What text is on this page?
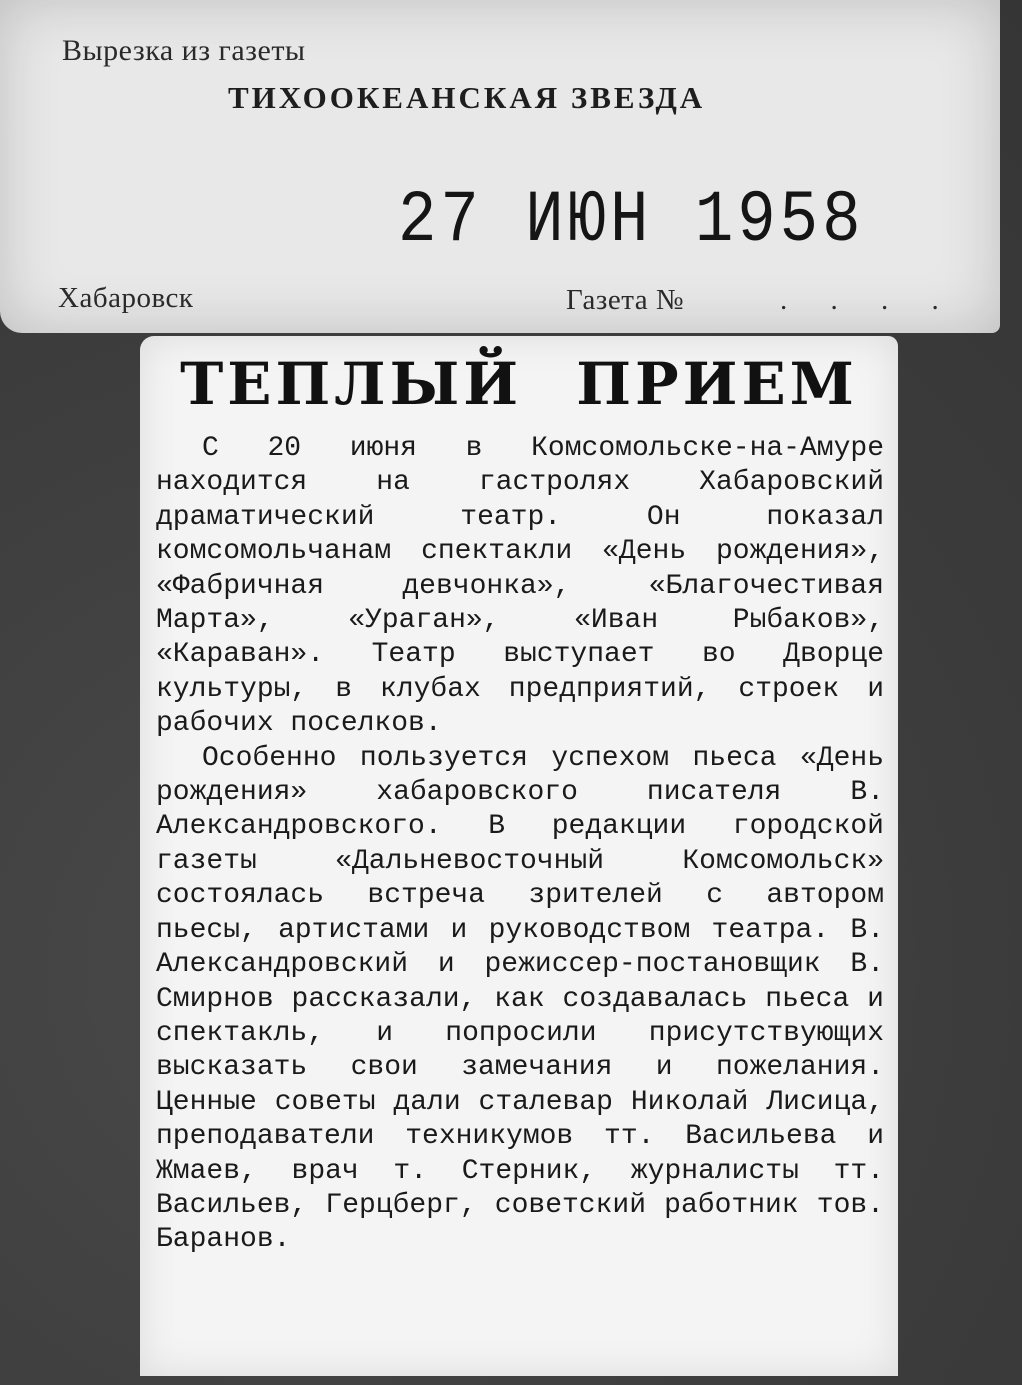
Вырезка из газеты
ТИХООКЕАНСКАЯ ЗВЕЗДА
27 ИЮН 1958
Хабаровск	Газета №	. . . .
ТЕПЛЫЙ ПРИЕМ

С 20 июня в Комсомольске-на-Амуре находится на гастролях Хабаровский драматический театр. Он показал комсомольчанам спектакли «День рождения», «Фабричная девчонка», «Благочестивая Марта», «Ураган», «Иван Рыбаков», «Караван». Театр выступает во Дворце культуры, в клубах предприятий, строек и рабочих поселков.

Особенно пользуется успехом пьеса «День рождения» хабаровского писателя В. Александровского. В редакции городской газеты «Дальневосточный Комсомольск» состоялась встреча зрителей с автором пьесы, артистами и руководством театра. В. Александровский и режиссер-постановщик В. Смирнов рассказали, как создавалась пьеса и спектакль, и попросили присутствующих высказать свои замечания и пожелания. Ценные советы дали сталевар Николай Лисица, преподаватели техникумов тт. Васильева и Жмаев, врач т. Стерник, журналисты тт. Васильев, Герцберг, советский работник тов. Баранов.
